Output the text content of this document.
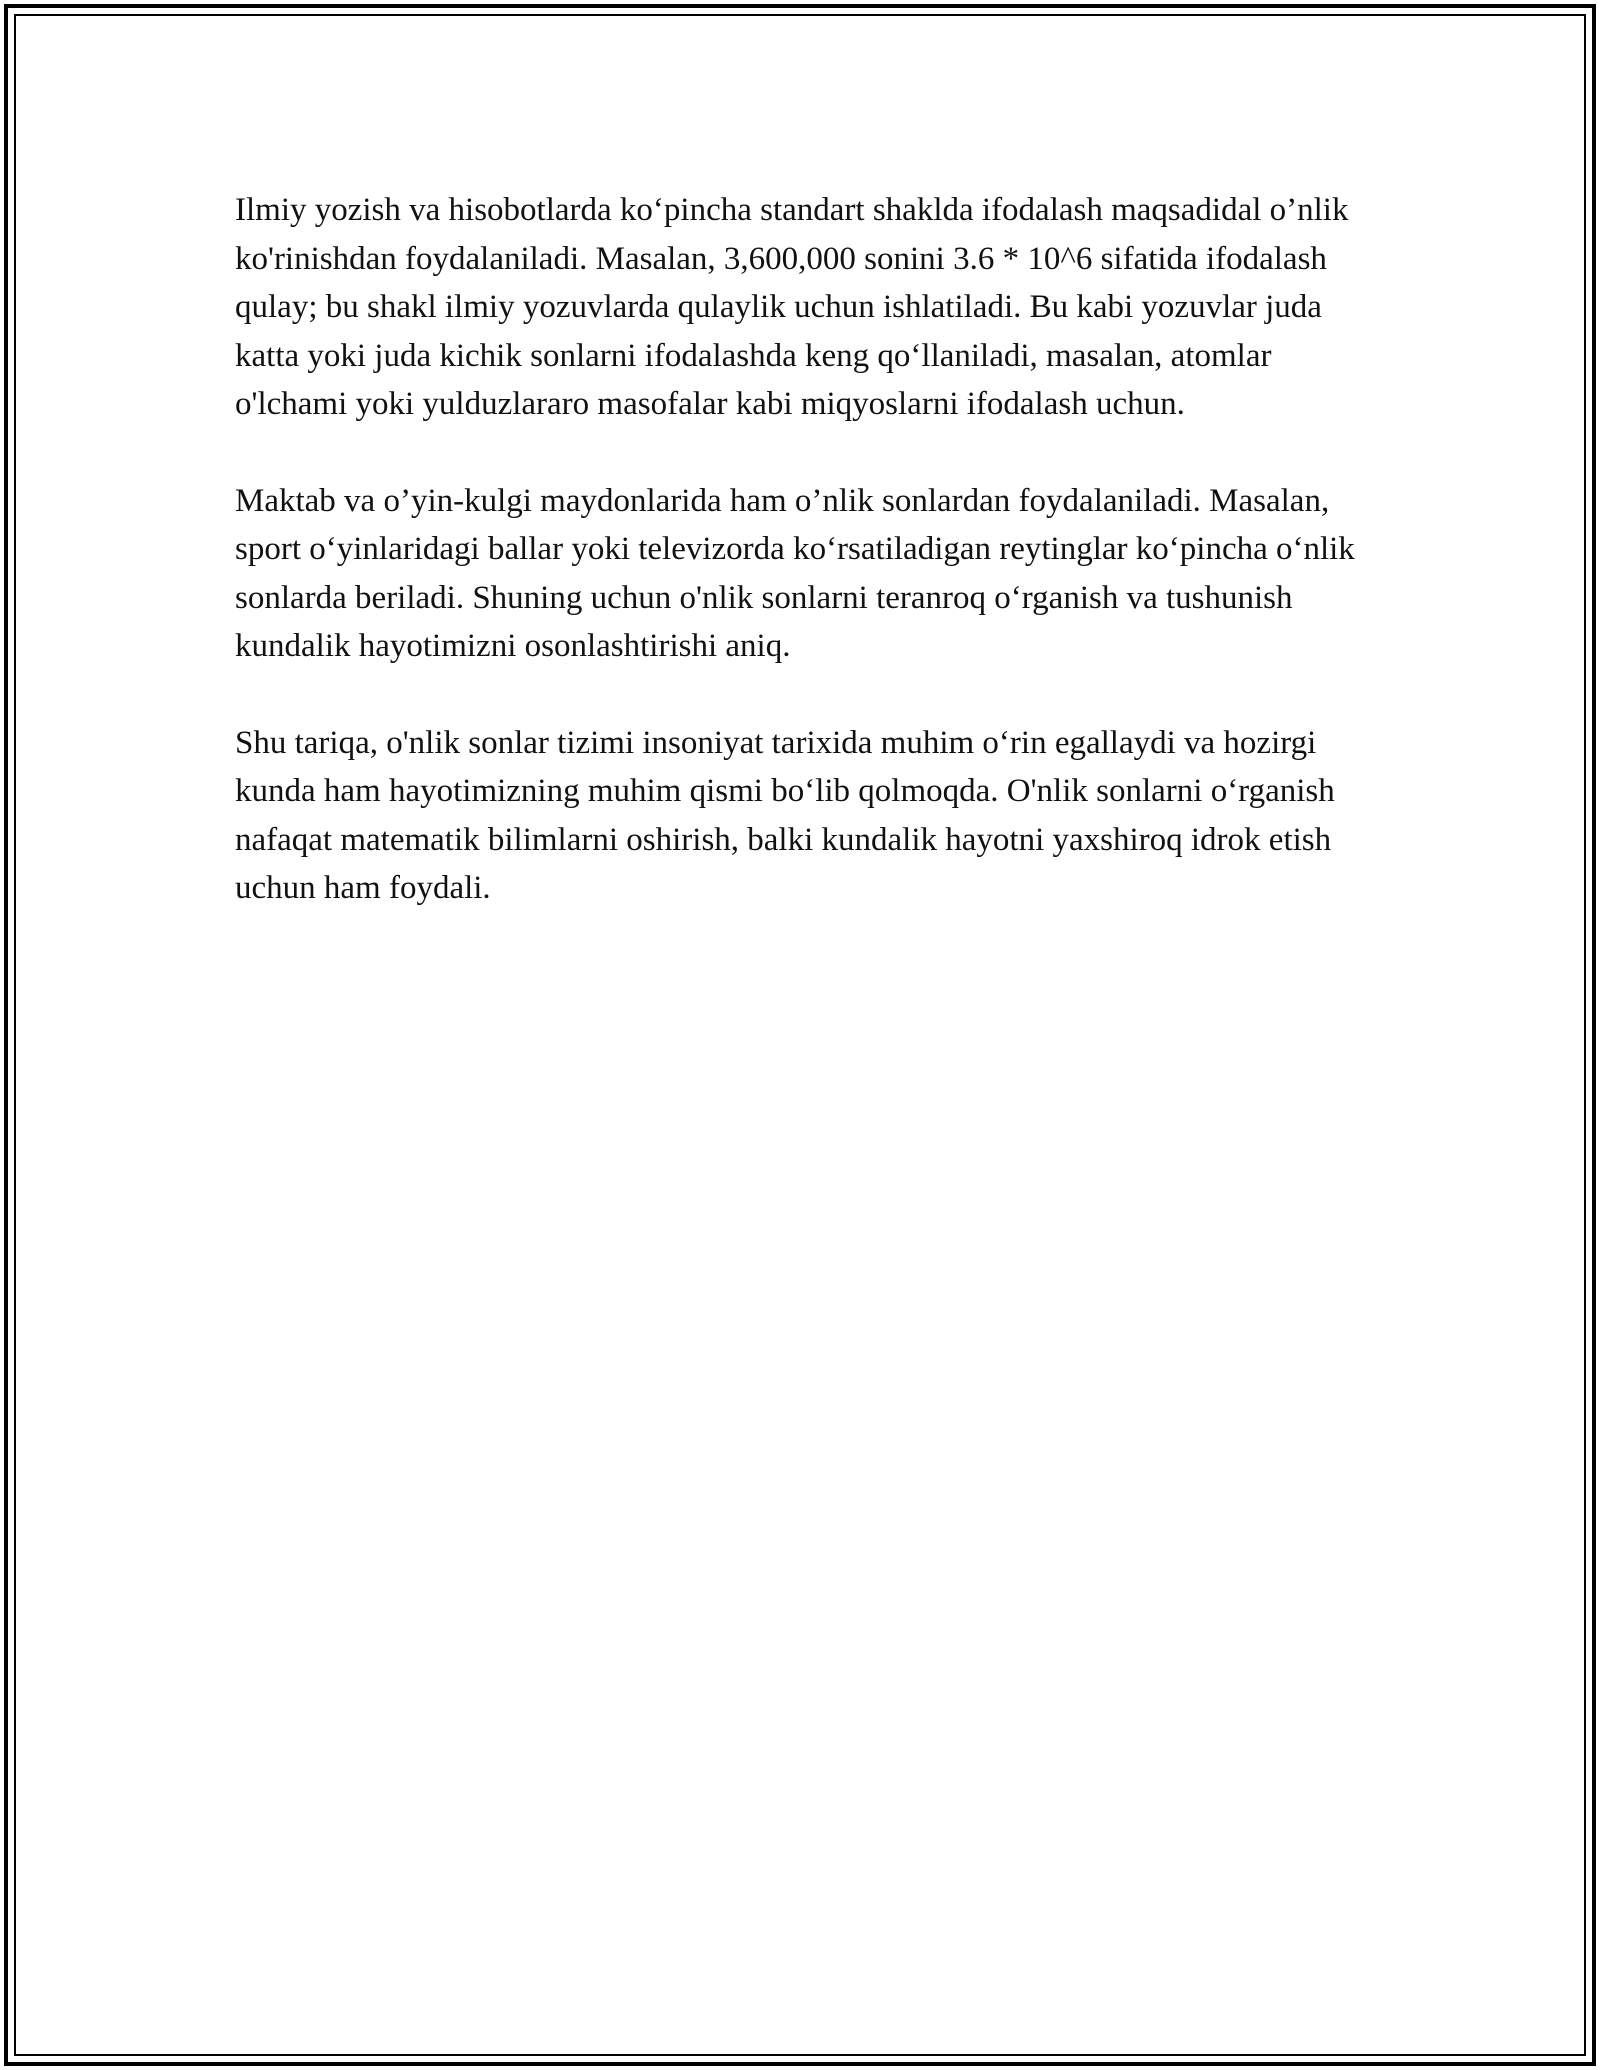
Ilmiy yozish va hisobotlarda ko‘pincha standart shaklda ifodalash maqsadidal o’nlik ko'rinishdan foydalaniladi. Masalan, 3,600,000 sonini 3.6 * 10^6 sifatida ifodalash qulay; bu shakl ilmiy yozuvlarda qulaylik uchun ishlatiladi. Bu kabi yozuvlar juda katta yoki juda kichik sonlarni ifodalashda keng qo‘llaniladi, masalan, atomlar o'lchami yoki yulduzlararo masofalar kabi miqyoslarni ifodalash uchun.

Maktab va o’yin-kulgi maydonlarida ham o’nlik sonlardan foydalaniladi. Masalan, sport o‘yinlaridagi ballar yoki televizorda ko‘rsatiladigan reytinglar ko‘pincha o‘nlik sonlarda beriladi. Shuning uchun o'nlik sonlarni teranroq o‘rganish va tushunish kundalik hayotimizni osonlashtirishi aniq.

Shu tariqa, o'nlik sonlar tizimi insoniyat tarixida muhim o‘rin egallaydi va hozirgi kunda ham hayotimizning muhim qismi bo‘lib qolmoqda. O'nlik sonlarni o‘rganish nafaqat matematik bilimlarni oshirish, balki kundalik hayotni yaxshiroq idrok etish uchun ham foydali.
